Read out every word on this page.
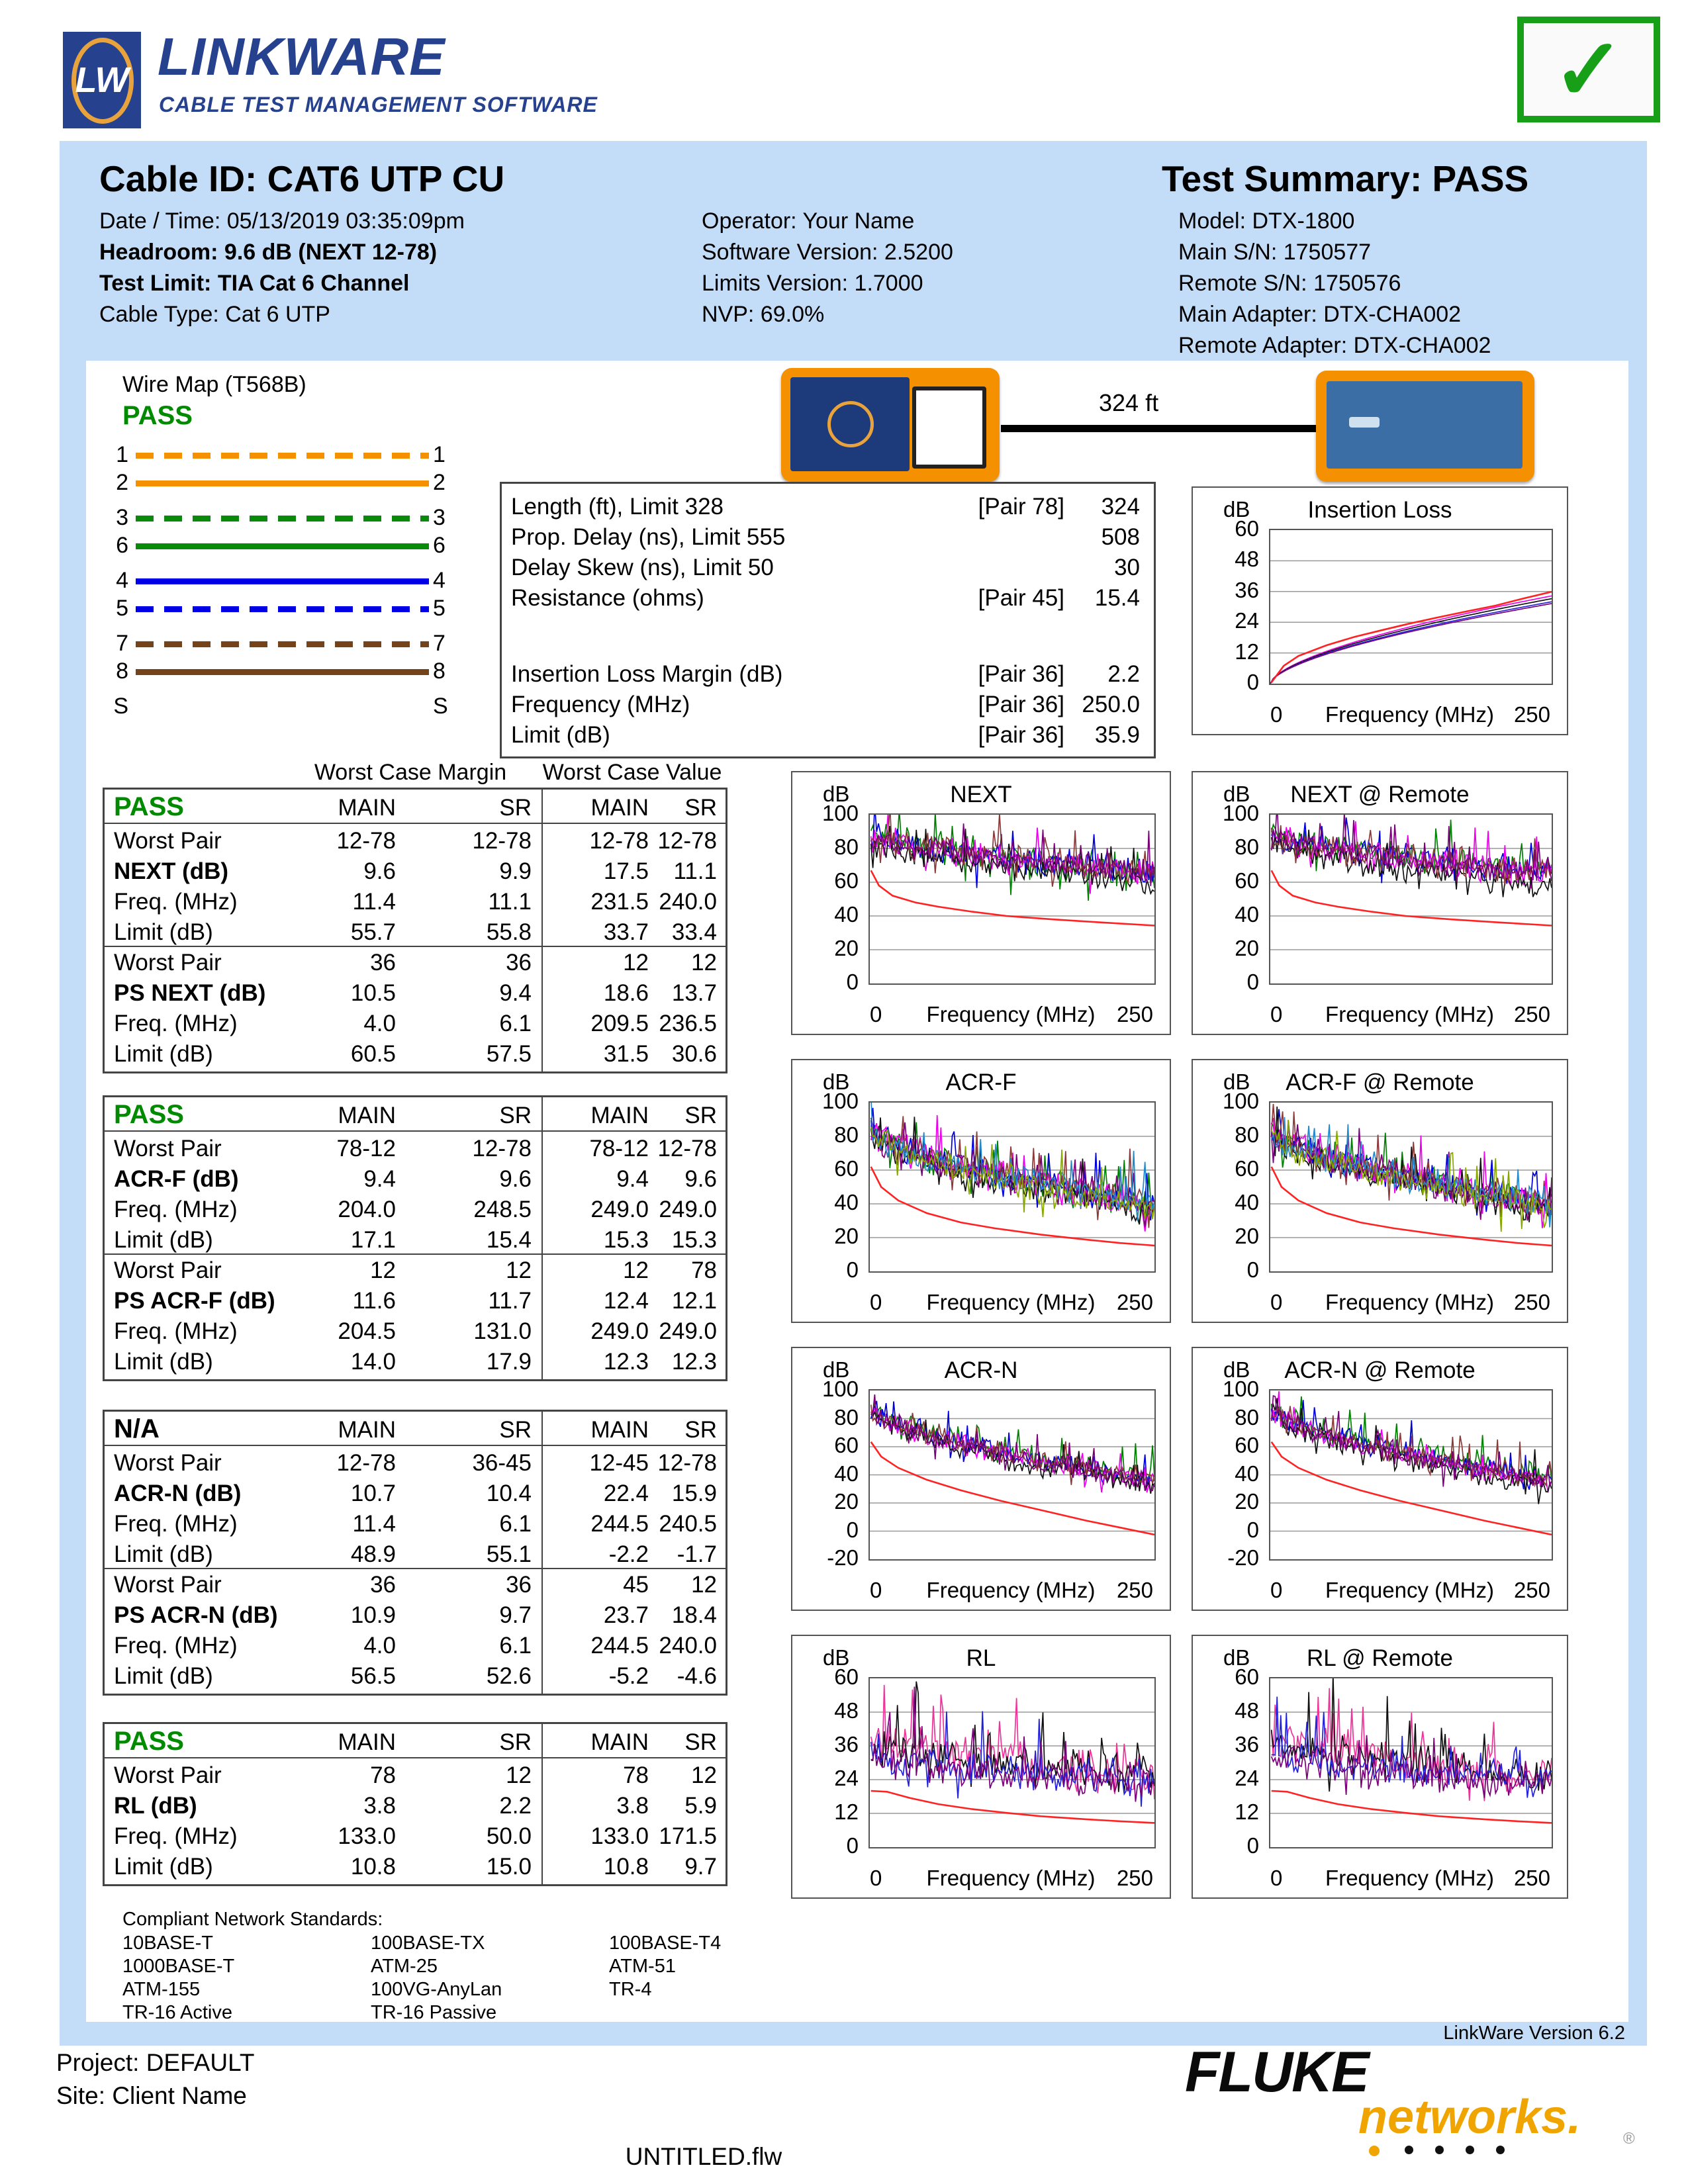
LW LINKWARE
CABLE TEST MANAGEMENT SOFTWARE	✓
Cable ID: CAT6 UTP CU	Test Summary: PASS
Date / Time: 05/13/2019 03:35:09pm
Headroom: 9.6 dB (NEXT 12-78)
Test Limit: TIA Cat 6 Channel
Cable Type: Cat 6 UTP
Operator: Your Name
Software Version: 2.5200
Limits Version: 1.7000
NVP: 69.0%
Model: DTX-1800
Main S/N: 1750577
Remote S/N: 1750576
Main Adapter: DTX-CHA002
Remote Adapter: DTX-CHA002
Wire Map (T568B)
PASS
1	1
2	2
3	3
6	6
4	4
5	5
7	7
8	8
S	S
324 ft
Length (ft), Limit 328	[Pair 78]	324
Prop. Delay (ns), Limit 555	508
Delay Skew (ns), Limit 50	30
Resistance (ohms)	[Pair 45]	15.4
Insertion Loss Margin (dB)	[Pair 36]	2.2
Frequency (MHz)	[Pair 36] 250.0
Limit (dB)	[Pair 36]	35.9
Worst Case Margin	Worst Case Value
PASS	MAIN	SR	MAIN	SR
Worst Pair	12-78	12-78	12-78 12-78
NEXT (dB)	9.6	9.9	17.5	11.1
Freq. (MHz)	11.4	11.1	231.5 240.0
Limit (dB)	55.7	55.8	33.7 33.4
Worst Pair	36	36	12	12
PS NEXT (dB)	10.5	9.4	18.6 13.7
Freq. (MHz)	4.0	6.1	209.5 236.5
Limit (dB)	60.5	57.5	31.5 30.6
PASS	MAIN	SR	MAIN	SR
Worst Pair	78-12	12-78	78-12 12-78
ACR-F (dB)	9.4	9.6	9.4	9.6
Freq. (MHz)	204.0	248.5	249.0 249.0
Limit (dB)	17.1	15.4	15.3 15.3
Worst Pair	12	12	12	78
PS ACR-F (dB)	11.6	11.7	12.4 12.1
Freq. (MHz)	204.5	131.0	249.0 249.0
Limit (dB)	14.0	17.9	12.3 12.3
N/A	MAIN	SR	MAIN	SR
Worst Pair	12-78	36-45	12-45 12-78
ACR-N (dB)	10.7	10.4	22.4 15.9
Freq. (MHz)	11.4	6.1	244.5 240.5
Limit (dB)	48.9	55.1	-2.2	-1.7
Worst Pair	36	36	45	12
PS ACR-N (dB)	10.9	9.7	23.7 18.4
Freq. (MHz)	4.0	6.1	244.5 240.0
Limit (dB)	56.5	52.6	-5.2	-4.6
PASS	MAIN	SR	MAIN	SR
Worst Pair	78	12	78	12
RL (dB)	3.8	2.2	3.8	5.9
Freq. (MHz)	133.0	50.0	133.0 171.5
Limit (dB)	10.8	15.0	10.8	9.7
Compliant Network Standards:
10BASE-T	100BASE-TX	100BASE-T4
1000BASE-T	ATM-25	ATM-51
ATM-155	100VG-AnyLan	TR-4
TR-16 Active	TR-16 Passive
dB	Insertion Loss
60
48
36
24
12
0
0	Frequency (MHz) 250
dB	NEXT
100
80
60
40
20
0
0	Frequency (MHz) 250
dB	NEXT @ Remote
100
80
60
40
20
0
0	Frequency (MHz) 250
dB	ACR-F
100
80
60
40
20
0
0	Frequency (MHz) 250
dB	ACR-F @ Remote
100
80
60
40
20
0
0	Frequency (MHz) 250
dB	ACR-N
100
80
60
40
20
0
-20
0	Frequency (MHz) 250
dB	ACR-N @ Remote
100
80
60
40
20
0
-20
0	Frequency (MHz) 250
dB	RL
60
48
36
24
12
0
0	Frequency (MHz) 250
dB	RL @ Remote
60
48
36
24
12
0
0	Frequency (MHz) 250
LinkWare Version 6.2
Project: DEFAULT
Site: Client Name
UNTITLED.flw
FLUKE
networks.	®
